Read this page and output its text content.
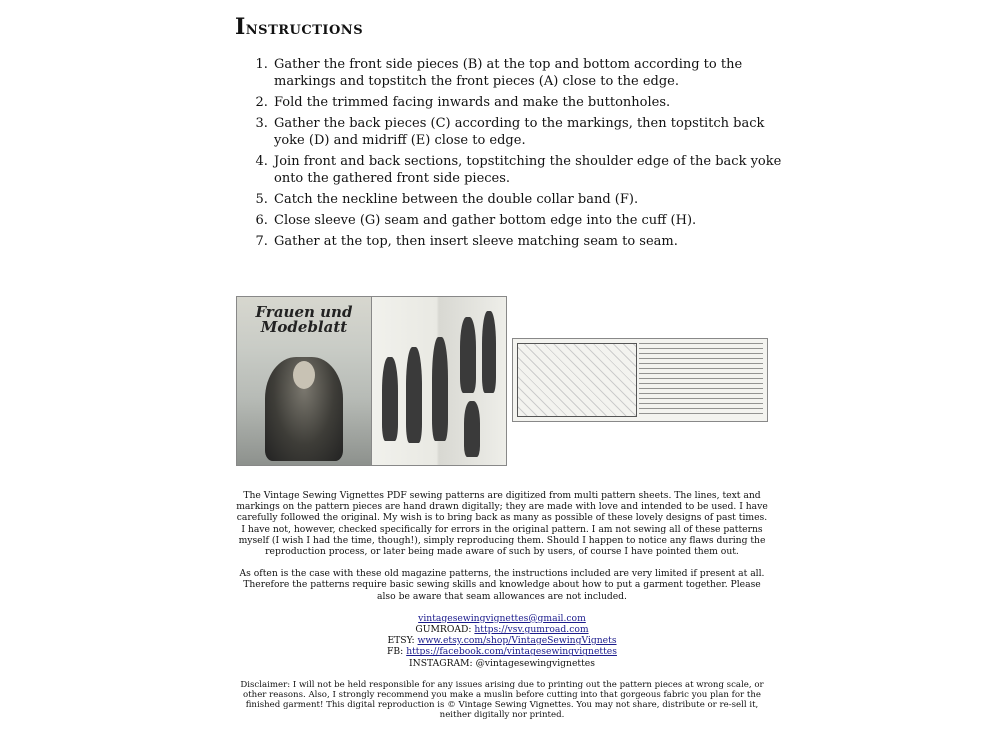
Instructions
1. Gather the front side pieces (B) at the top and bottom according to the markings and topstitch the front pieces (A) close to the edge.
2. Fold the trimmed facing inwards and make the buttonholes.
3. Gather the back pieces (C) according to the markings, then topstitch back yoke (D) and midriff (E) close to edge.
4. Join front and back sections, topstitching the shoulder edge of the back yoke onto the gathered front side pieces.
5. Catch the neckline between the double collar band (F).
6. Close sleeve (G) seam and gather bottom edge into the cuff (H).
7. Gather at the top, then insert sleeve matching seam to seam.
Frauen und Modeblatt

The Vintage Sewing Vignettes PDF sewing patterns are digitized from multi pattern sheets. The lines, text and markings on the pattern pieces are hand drawn digitally; they are made with love and intended to be used. I have carefully followed the original. My wish is to bring back as many as possible of these lovely designs of past times. I have not, however, checked specifically for errors in the original pattern. I am not sewing all of these patterns myself (I wish I had the time, though!), simply reproducing them. Should I happen to notice any flaws during the reproduction process, or later being made aware of such by users, of course I have pointed them out.

As often is the case with these old magazine patterns, the instructions included are very limited if present at all. Therefore the patterns require basic sewing skills and knowledge about how to put a garment together. Please also be aware that seam allowances are not included.

vintagesewingvignettes@gmail.com
GUMROAD: https://vsv.gumroad.com
ETSY: www.etsy.com/shop/VintageSewingVignets
FB: https://facebook.com/vintagesewingvignettes
INSTAGRAM: @vintagesewingvignettes
Disclaimer: I will not be held responsible for any issues arising due to printing out the pattern pieces at wrong scale, or other reasons. Also, I strongly recommend you make a muslin before cutting into that gorgeous fabric you plan for the finished garment! This digital reproduction is © Vintage Sewing Vignettes. You may not share, distribute or re-sell it, neither digitally nor printed.
